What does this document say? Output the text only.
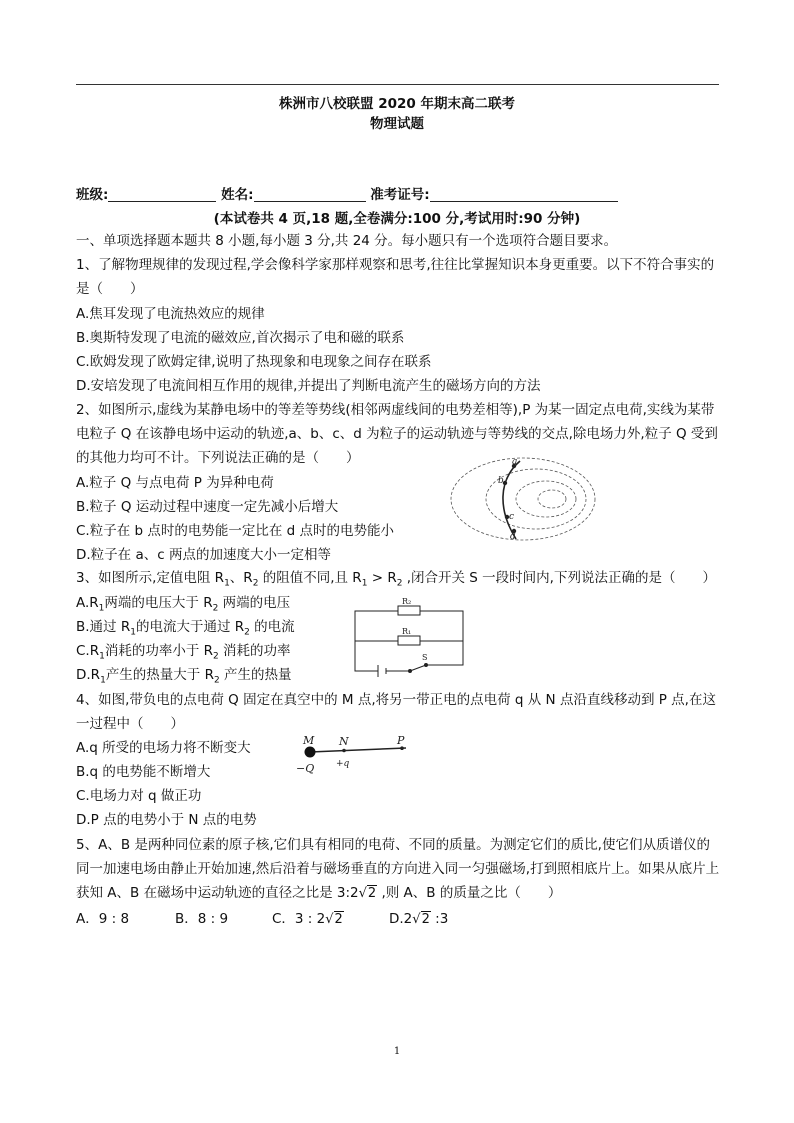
株洲市八校联盟 2020 年期末高二联考
物理试题
班级:	姓名:	准考证号:
(本试卷共 4 页,18 题,全卷满分:100 分,考试用时:90 分钟)
一、单项选择题本题共 8 小题,每小题 3 分,共 24 分。每小题只有一个选项符合题目要求。
1、了解物理规律的发现过程,学会像科学家那样观察和思考,往往比掌握知识本身更重要。以下不符合事实的是（　　）
A.焦耳发现了电流热效应的规律
B.奥斯特发现了电流的磁效应,首次揭示了电和磁的联系
C.欧姆发现了欧姆定律,说明了热现象和电现象之间存在联系
D.安培发现了电流间相互作用的规律,并提出了判断电流产生的磁场方向的方法
2、如图所示,虚线为某静电场中的等差等势线(相邻两虚线间的电势差相等),P 为某一固定点电荷,实线为某带电粒子 Q 在该静电场中运动的轨迹,a、b、c、d 为粒子的运动轨迹与等势线的交点,除电场力外,粒子 Q 受到的其他力均可不计。下列说法正确的是（　　）
A.粒子 Q 与点电荷 P 为异种电荷
B.粒子 Q 运动过程中速度一定先减小后增大
C.粒子在 b 点时的电势能一定比在 d 点时的电势能小
D.粒子在 a、c 两点的加速度大小一定相等
a
b
c
d
3、如图所示,定值电阻 $R_1$、$R_2$ 的阻值不同,且 $R_1 > R_2$ ,闭合开关 S 一段时间内,下列说法正确的是（　　）
$A.R_1$两端的电压大于 $R_2$ 两端的电压
B.通过 $R_1$的电流大于通过 $R_2$ 的电流
$C.R_1$消耗的功率小于 $R_2$ 消耗的功率
$D.R_1$产生的热量大于 $R_2$ 产生的热量
R₂
R₁
S
4、如图,带负电的点电荷 Q 固定在真空中的 M 点,将另一带正电的点电荷 q 从 N 点沿直线移动到 P 点,在这一过程中（　　）
A.q 所受的电场力将不断变大
B.q 的电势能不断增大
C.电场力对 q 做正功
D.P 点的电势小于 N 点的电势
M N	P
−Q +q
5、A、B 是两种同位素的原子核,它们具有相同的电荷、不同的质量。为测定它们的质比,使它们从质谱仪的同一加速电场由静止开始加速,然后沿着与磁场垂直的方向进入同一匀强磁场,打到照相底片上。如果从底片上获知 A、B 在磁场中运动轨迹的直径之比是 3:2√2 ,则 A、B 的质量之比（　　）
A．9 : 8	B．8 : 9	C．3 : 2√2	D.2√2 :3
1
